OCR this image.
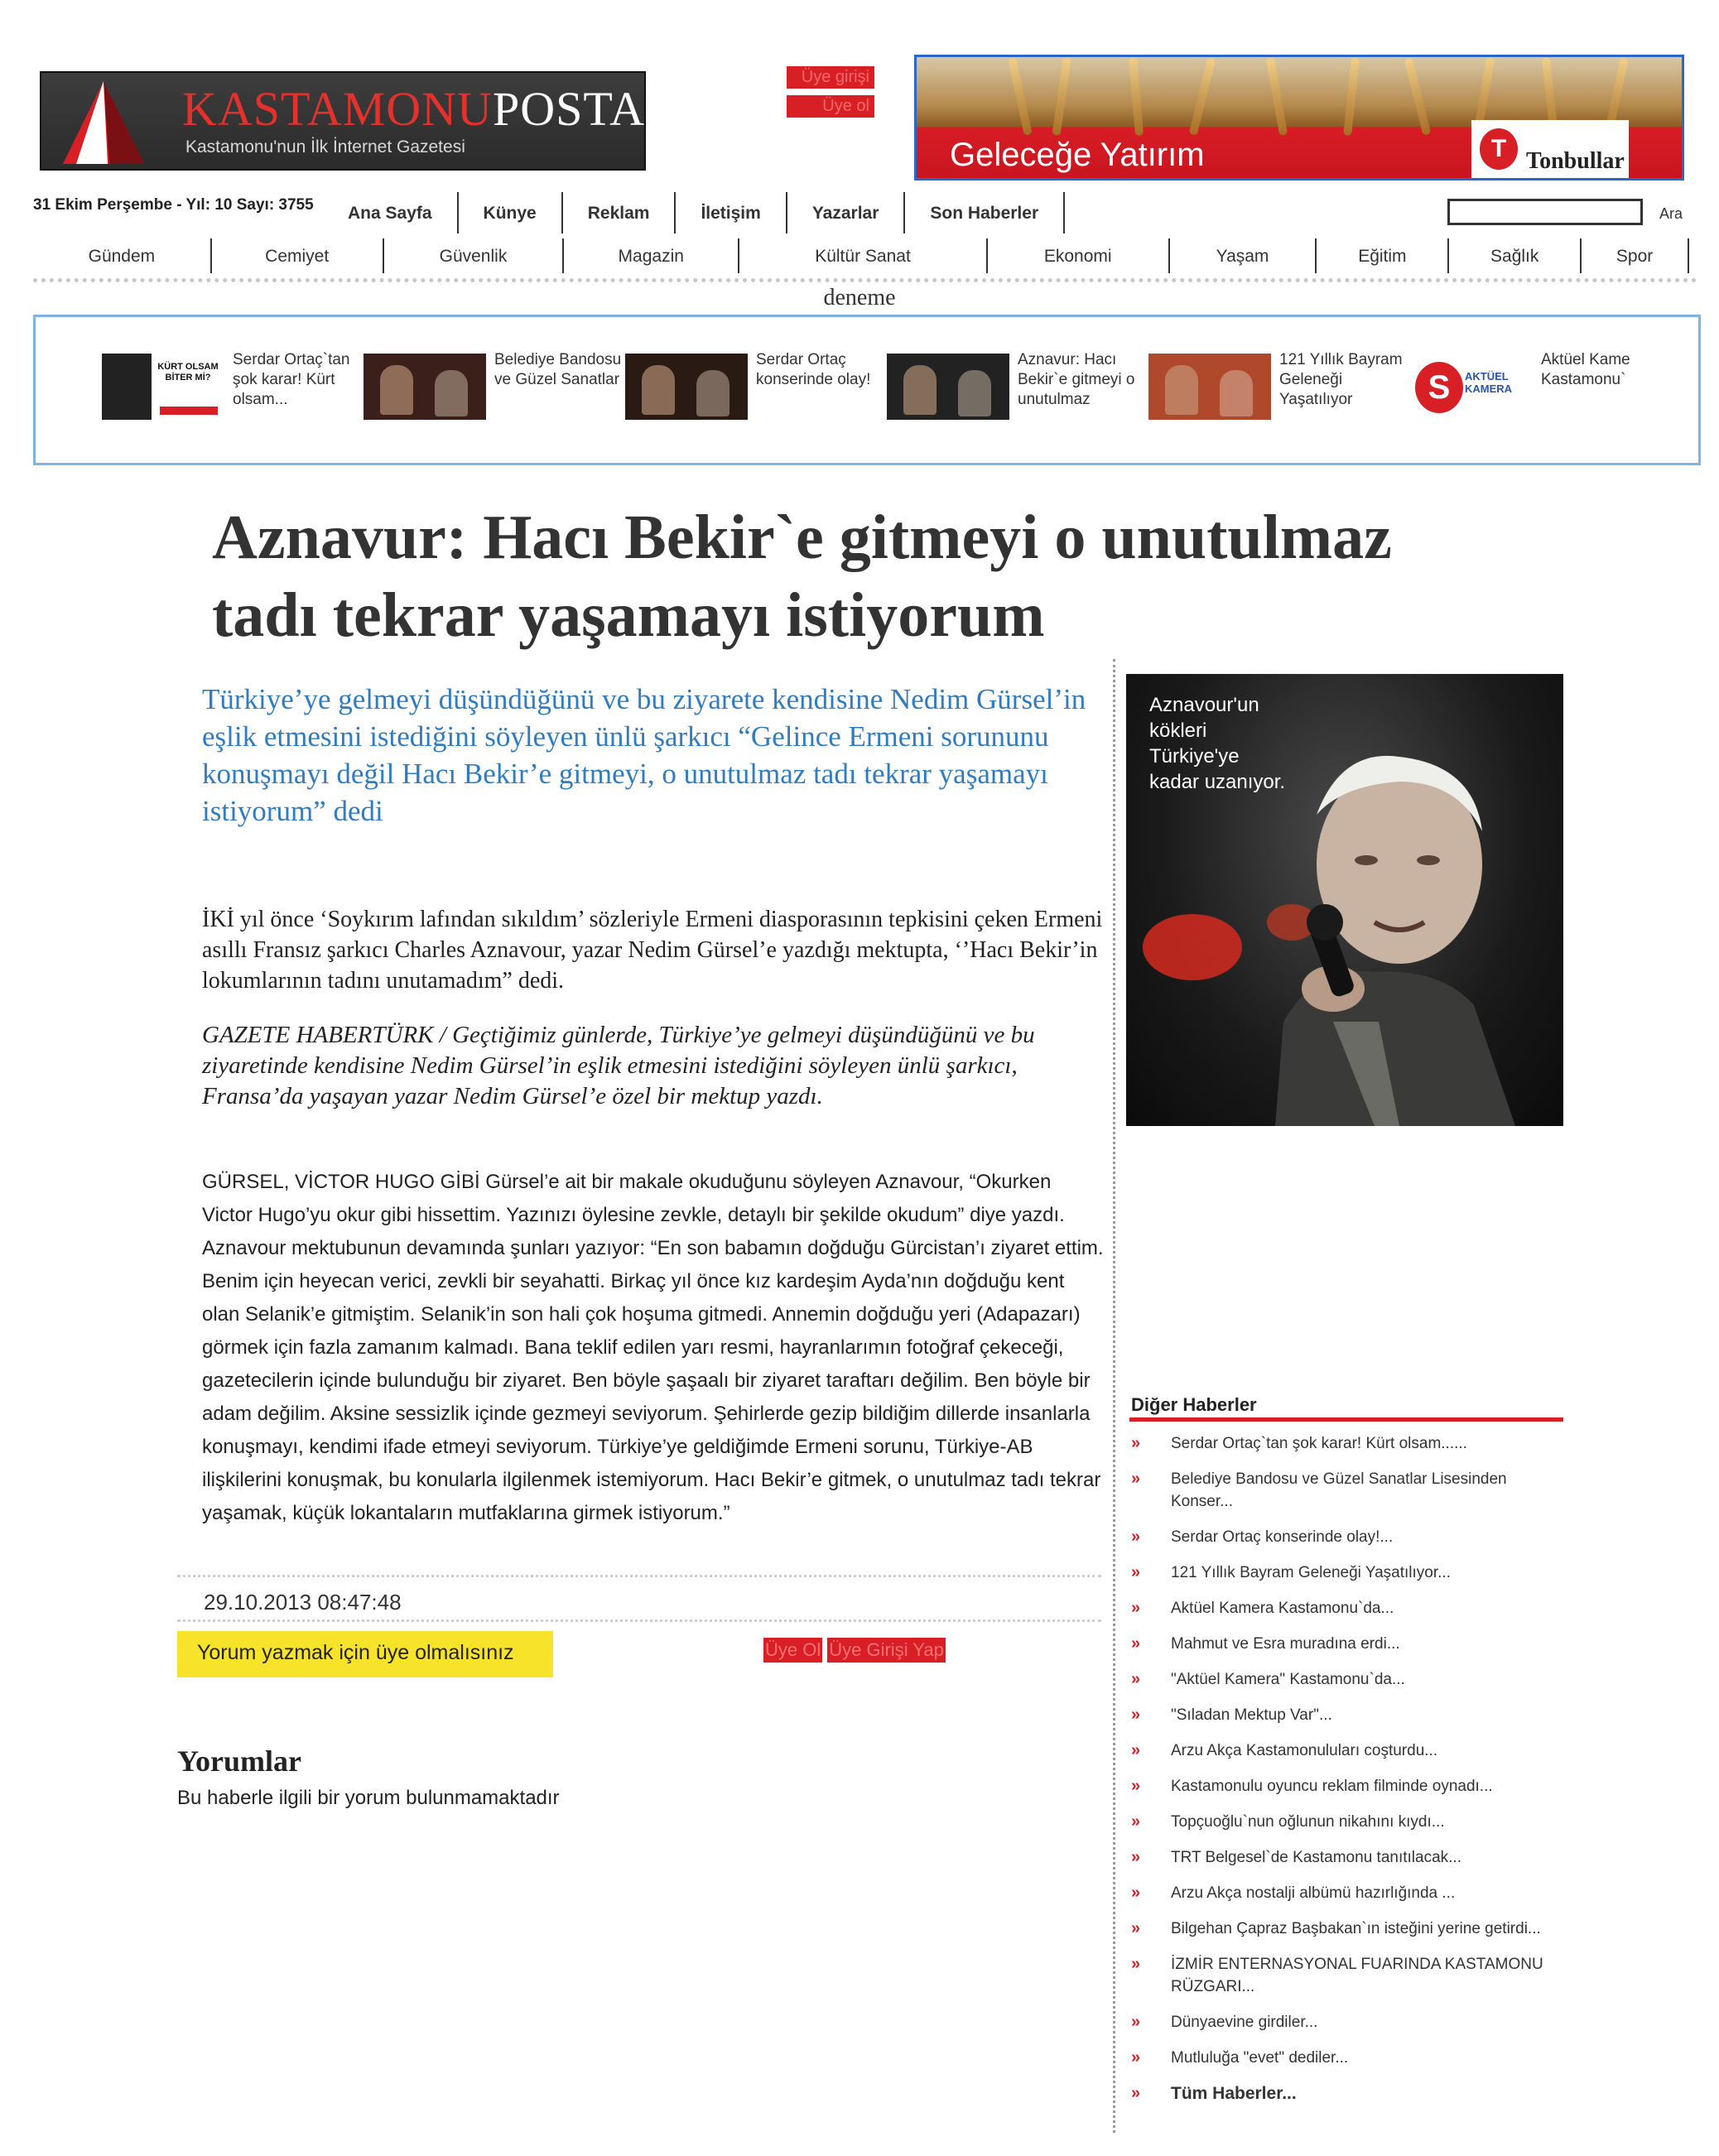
KASTAMONUPOSTASI
Kastamonu'nun İlk İnternet Gazetesi
Üye girişi
Üye ol
Geleceğe Yatırım	T Tonbullar
31 Ekim Perşembe - Yıl: 10 Sayı: 3755	Ana Sayfa	Künye	Reklam	İletişim	Yazarlar	Son Haberler	Ara
Gündem	Cemiyet	Güvenlik	Magazin	Kültür Sanat	Ekonomi	Yaşam	Eğitim	Sağlık	Spor
deneme
KÜRT OLSAM BİTER Mİ?
Serdar Ortaç`tan şok karar! Kürt olsam...
Belediye Bandosu ve Güzel Sanatlar
Serdar Ortaç konserinde olay!
Aznavur: Hacı Bekir`e gitmeyi o unutulmaz
121 Yıllık Bayram Geleneği Yaşatılıyor	S	AKTÜEL KAMERA
Aktüel Kame Kastamonu`
Aznavur: Hacı Bekir`e gitmeyi o unutulmaz tadı tekrar yaşamayı istiyorum

Türkiye’ye gelmeyi düşündüğünü ve bu ziyarete kendisine Nedim Gürsel’in eşlik etmesini istediğini söyleyen ünlü şarkıcı “Gelince Ermeni sorununu konuşmayı değil Hacı Bekir’e gitmeyi, o unutulmaz tadı tekrar yaşamayı istiyorum” dedi

İKİ yıl önce ‘Soykırım lafından sıkıldım’ sözleriyle Ermeni diasporasının tepkisini çeken Ermeni asıllı Fransız şarkıcı Charles Aznavour, yazar Nedim Gürsel’e yazdığı mektupta, ‘’Hacı Bekir’in lokumlarının tadını unutamadım” dedi.

GAZETE HABERTÜRK / Geçtiğimiz günlerde, Türkiye’ye gelmeyi düşündüğünü ve bu ziyaretinde kendisine Nedim Gürsel’in eşlik etmesini istediğini söyleyen ünlü şarkıcı, Fransa’da yaşayan yazar Nedim Gürsel’e özel bir mektup yazdı.

GÜRSEL, VİCTOR HUGO GİBİ Gürsel’e ait bir makale okuduğunu söyleyen Aznavour, “Okurken Victor Hugo’yu okur gibi hissettim. Yazınızı öylesine zevkle, detaylı bir şekilde okudum” diye yazdı. Aznavour mektubunun devamında şunları yazıyor: “En son babamın doğduğu Gürcistan’ı ziyaret ettim. Benim için heyecan verici, zevkli bir seyahatti. Birkaç yıl önce kız kardeşim Ayda’nın doğduğu kent olan Selanik’e gitmiştim. Selanik’in son hali çok hoşuma gitmedi. Annemin doğduğu yeri (Adapazarı) görmek için fazla zamanım kalmadı. Bana teklif edilen yarı resmi, hayranlarımın fotoğraf çekeceği, gazetecilerin içinde bulunduğu bir ziyaret. Ben böyle şaşaalı bir ziyaret taraftarı değilim. Ben böyle bir adam değilim. Aksine sessizlik içinde gezmeyi seviyorum. Şehirlerde gezip bildiğim dillerde insanlarla konuşmayı, kendimi ifade etmeyi seviyorum. Türkiye’ye geldiğimde Ermeni sorunu, Türkiye-AB ilişkilerini konuşmak, bu konularla ilgilenmek istemiyorum. Hacı Bekir’e gitmek, o unutulmaz tadı tekrar yaşamak, küçük lokantaların mutfaklarına girmek istiyorum.”

29.10.2013 08:47:48
Yorum yazmak için üye olmalısınız	Üye Ol Üye Girişi Yap
Yorumlar
Bu haberle ilgili bir yorum bulunmamaktadır
Aznavour'un kökleri Türkiye'ye kadar uzanıyor.
Diğer Haberler
» Serdar Ortaç`tan şok karar! Kürt olsam......
» Belediye Bandosu ve Güzel Sanatlar Lisesinden Konser...
» Serdar Ortaç konserinde olay!...
» 121 Yıllık Bayram Geleneği Yaşatılıyor...
» Aktüel Kamera Kastamonu`da...
» Mahmut ve Esra muradına erdi...
» "Aktüel Kamera" Kastamonu`da...
» "Sıladan Mektup Var"...
» Arzu Akça Kastamonuluları coşturdu...
» Kastamonulu oyuncu reklam filminde oynadı...
» Topçuoğlu`nun oğlunun nikahını kıydı...
» TRT Belgesel`de Kastamonu tanıtılacak...
» Arzu Akça nostalji albümü hazırlığında ...
» Bilgehan Çapraz Başbakan`ın isteğini yerine getirdi...
» İZMİR ENTERNASYONAL FUARINDA KASTAMONU RÜZGARI...
» Dünyaevine girdiler...
» Mutluluğa "evet" dediler...
» Tüm Haberler...
